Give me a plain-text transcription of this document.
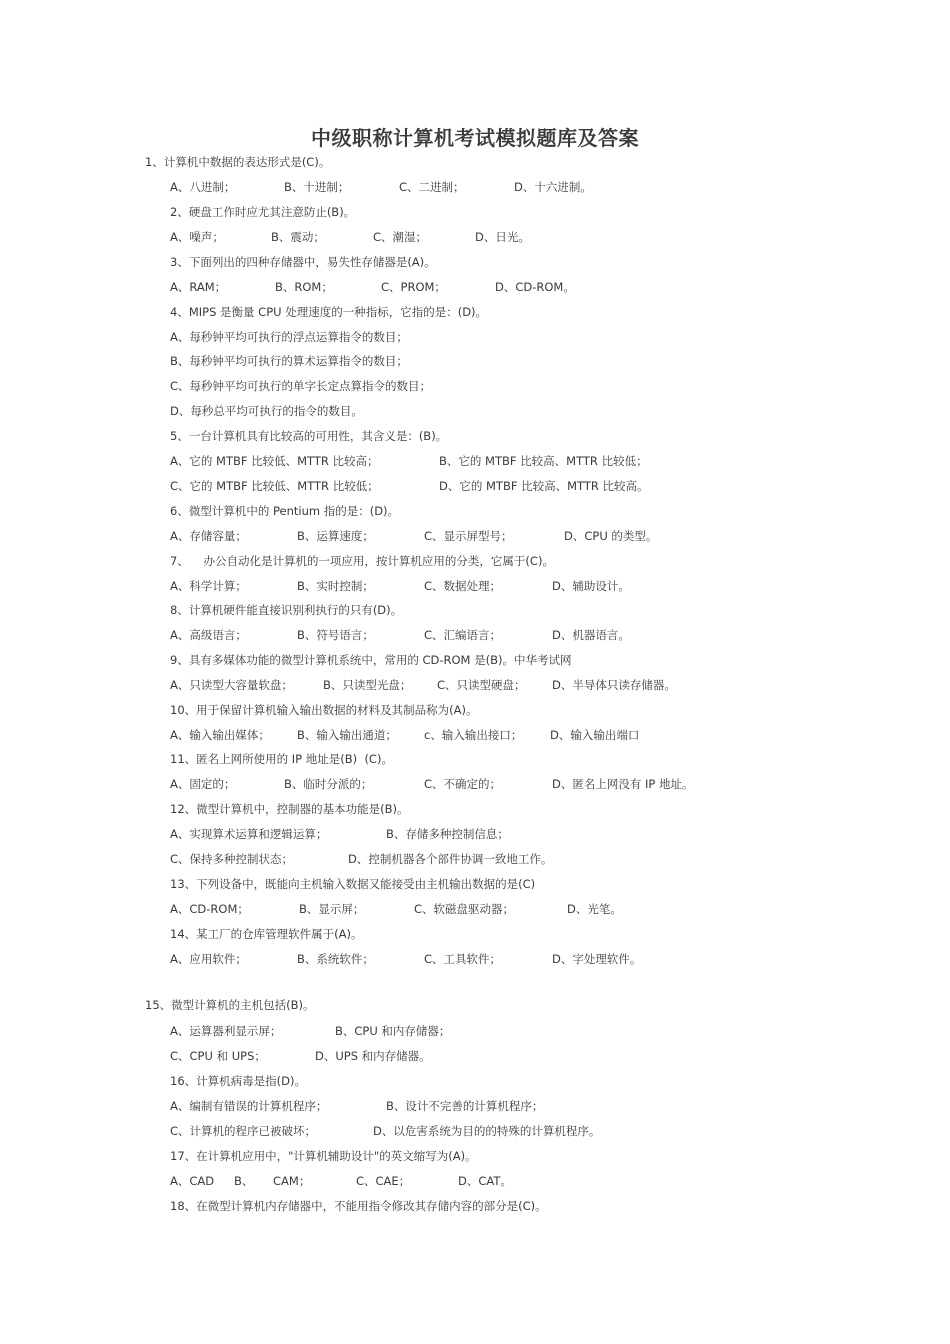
中级职称计算机考试模拟题库及答案
1、计算机中数据的表达形式是(C)。
A、八进制；	B、十进制；	C、二进制；	D、十六进制。
2、硬盘工作时应尤其注意防止(B)。
A、噪声；	B、震动；	C、潮湿；	D、日光。
3、下面列出的四种存储器中，易失性存储器是(A)。
A、RAM；	B、ROM；	C、PROM；	D、CD-ROM。
4、MIPS 是衡量 CPU 处理速度的一种指标，它指的是：(D)。
A、每秒钟平均可执行的浮点运算指令的数目；
B、每秒钟平均可执行的算术运算指令的数目；
C、每秒钟平均可执行的单字长定点算指令的数目；
D、每秒总平均可执行的指令的数目。
5、一台计算机具有比较高的可用性，其含义是：(B)。
A、它的 MTBF 比较低、MTTR 比较高；	B、它的 MTBF 比较高、MTTR 比较低；
C、它的 MTBF 比较低、MTTR 比较低；	D、它的 MTBF 比较高、MTTR 比较高。
6、微型计算机中的 Pentium 指的是：(D)。
A、存储容量；	B、运算速度；	C、显示屏型号；	D、CPU 的类型。
7、    办公自动化是计算机的一项应用，按计算机应用的分类，它属于(C)。
A、科学计算；	B、实时控制；	C、数据处理；	D、辅助设计。
8、计算机硬件能直接识别利执行的只有(D)。
A、高级语言；	B、符号语言；	C、汇编语言；	D、机器语言。
9、具有多媒体功能的微型计算机系统中，常用的 CD-ROM 是(B)。中华考试网
A、只读型大容量软盘；	B、只读型光盘； C、只读型硬盘； D、半导体只读存储器。
10、用于保留计算机输入输出数据的材料及其制品称为(A)。
A、输入输出媒体； B、输入输出通道； c、输入输出接口； D、输入输出端口
11、匿名上网所使用的 IP 地址是(B)  (C)。
A、固定的；	B、临时分派的；	C、不确定的；	D、匿名上网没有 IP 地址。
12、微型计算机中，控制器的基本功能是(B)。
A、实现算术运算和逻辑运算；	B、存储多种控制信息；
C、保持多种控制状态；	D、控制机器各个部件协调一致地工作。
13、下列设备中，既能向主机输入数据又能接受由主机输出数据的是(C)
A、CD-ROM；	B、显示屏；	C、软磁盘驱动器；	D、光笔。
14、某工厂的仓库管理软件属于(A)。
A、应用软件；	B、系统软件；	C、工具软件；	D、字处理软件。
15、微型计算机的主机包括(B)。
A、运算器利显示屏；	B、CPU 和内存储器；
C、CPU 和 UPS；	D、UPS 和内存储器。
16、计算机病毒是指(D)。
A、编制有错误的计算机程序；	B、设计不完善的计算机程序；
C、计算机的程序已被破坏；	D、以危害系统为目的的特殊的计算机程序。
17、在计算机应用中，"计算机辅助设计"的英文缩写为(A)。
A、CAD B、 CAM；	C、CAE；	D、CAT。
18、在微型计算机内存储器中，不能用指令修改其存储内容的部分是(C)。
